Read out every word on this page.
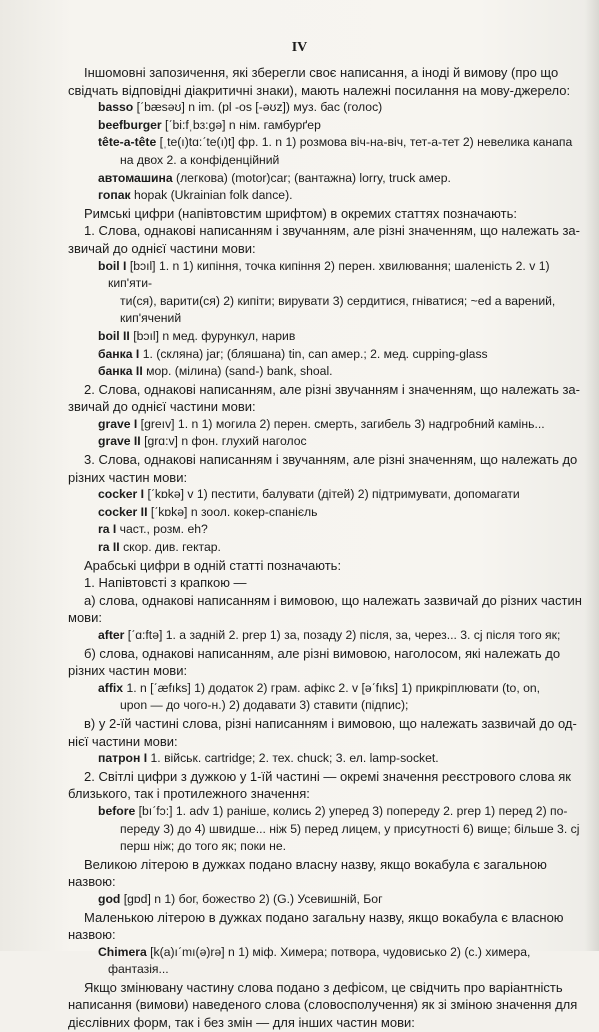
IV

Іншомовні запозичення, які зберегли своє написання, а іноді й вимову (про що

свідчать відповідні діакритичні знаки), мають належні посилання на мову-джерело:

basso [ˊbæsəʊ] n im. (pl -os [-əʊz]) муз. бас (голос)

beefburger [ˊbi:fˌbɜ:gə] n нім. гамбурґер

tête-a-tête [ˌte(ı)tɑ:ˊte(ı)t] фр. 1. n 1) розмова віч-на-віч, тет-а-тет 2) невелика канапа

на двох 2. a конфіденційний

автомашина (легкова) (motor)car; (вантажна) lorry, truck амер.

гопак hopak (Ukrainian folk dance).

Римські цифри (напівтовстим шрифтом) в окремих статтях позначають:

1. Слова, однакові написанням і звучанням, але різні значенням, що належать за-

звичай до однієї частини мови:

boil I [bɔıl] 1. n 1) кипіння, точка кипіння 2) перен. хвилювання; шаленість 2. v 1) кип'яти-

ти(ся), варити(ся) 2) кипіти; вирувати 3) сердитися, гніватися; ~ed a варений,

кип'ячений

boil II [bɔıl] n мед. фурункул, нарив

банка I 1. (скляна) jar; (бляшана) tin, can амер.; 2. мед. cupping-glass

банка II мор. (мілина) (sand-) bank, shoal.

2. Слова, однакові написанням, але різні звучанням і значенням, що належать за-

звичай до однієї частини мови:

grave I [greıv] 1. n 1) могила 2) перен. смерть, загибель 3) надгробний камінь...

grave II [grɑ:v] n фон. глухий наголос

3. Слова, однакові написанням і звучанням, але різні значенням, що належать до

різних частин мови:

cocker I [ˊkɒkə] v 1) пестити, балувати (дітей) 2) підтримувати, допомагати

cocker II [ˊkɒkə] n зоол. кокер-спанієль

ra I част., розм. eh?

ra II скор. див. гектар.

Арабські цифри в одній статті позначають:

1. Напівтовсті з крапкою —

а) слова, однакові написанням і вимовою, що належать зазвичай до різних частин мови:

after [ˊɑ:ftə] 1. a задній 2. prep 1) за, позаду 2) після, за, через... 3. cj після того як;

б) слова, однакові написанням, але різні вимовою, наголосом, які належать до

різних частин мови:

affix 1. n [ˊæfıks] 1) додаток 2) грам. афікс 2. v [əˊfıks] 1) прикріплювати (to, on,

upon — до чого-н.) 2) додавати 3) ставити (підпис);

в) у 2-їй частині слова, різні написанням і вимовою, що належать зазвичай до од-

нієї частини мови:

патрон I 1. військ. cartridge; 2. тех. chuck; 3. ел. lamp-socket.

2. Світлі цифри з дужкою у 1-їй частині — окремі значення реєстрового слова як

близького, так і протилежного значення:

before [bıˊfɔ:] 1. adv 1) раніше, колись 2) уперед 3) попереду 2. prep 1) перед 2) по-

переду 3) до 4) швидше... ніж 5) перед лицем, у присутності 6) вище; більше 3. cj

перш ніж; до того як; поки не.

Великою літерою в дужках подано власну назву, якщо вокабула є загальною назвою:

god [gɒd] n 1) бог, божество 2) (G.) Усевишній, Бог

Маленькою літерою в дужках подано загальну назву, якщо вокабула є власною

назвою:

Chimera [k(a)ıˊmı(ə)rə] n 1) міф. Химера; потвора, чудовисько 2) (c.) химера, фантазія...

Якщо змінювану частину слова подано з дефісом, це свідчить про варіантність

написання (вимови) наведеного слова (словосполучення) як зі зміною значення для

дієслівних форм, так і без змін — для інших частин мови:
